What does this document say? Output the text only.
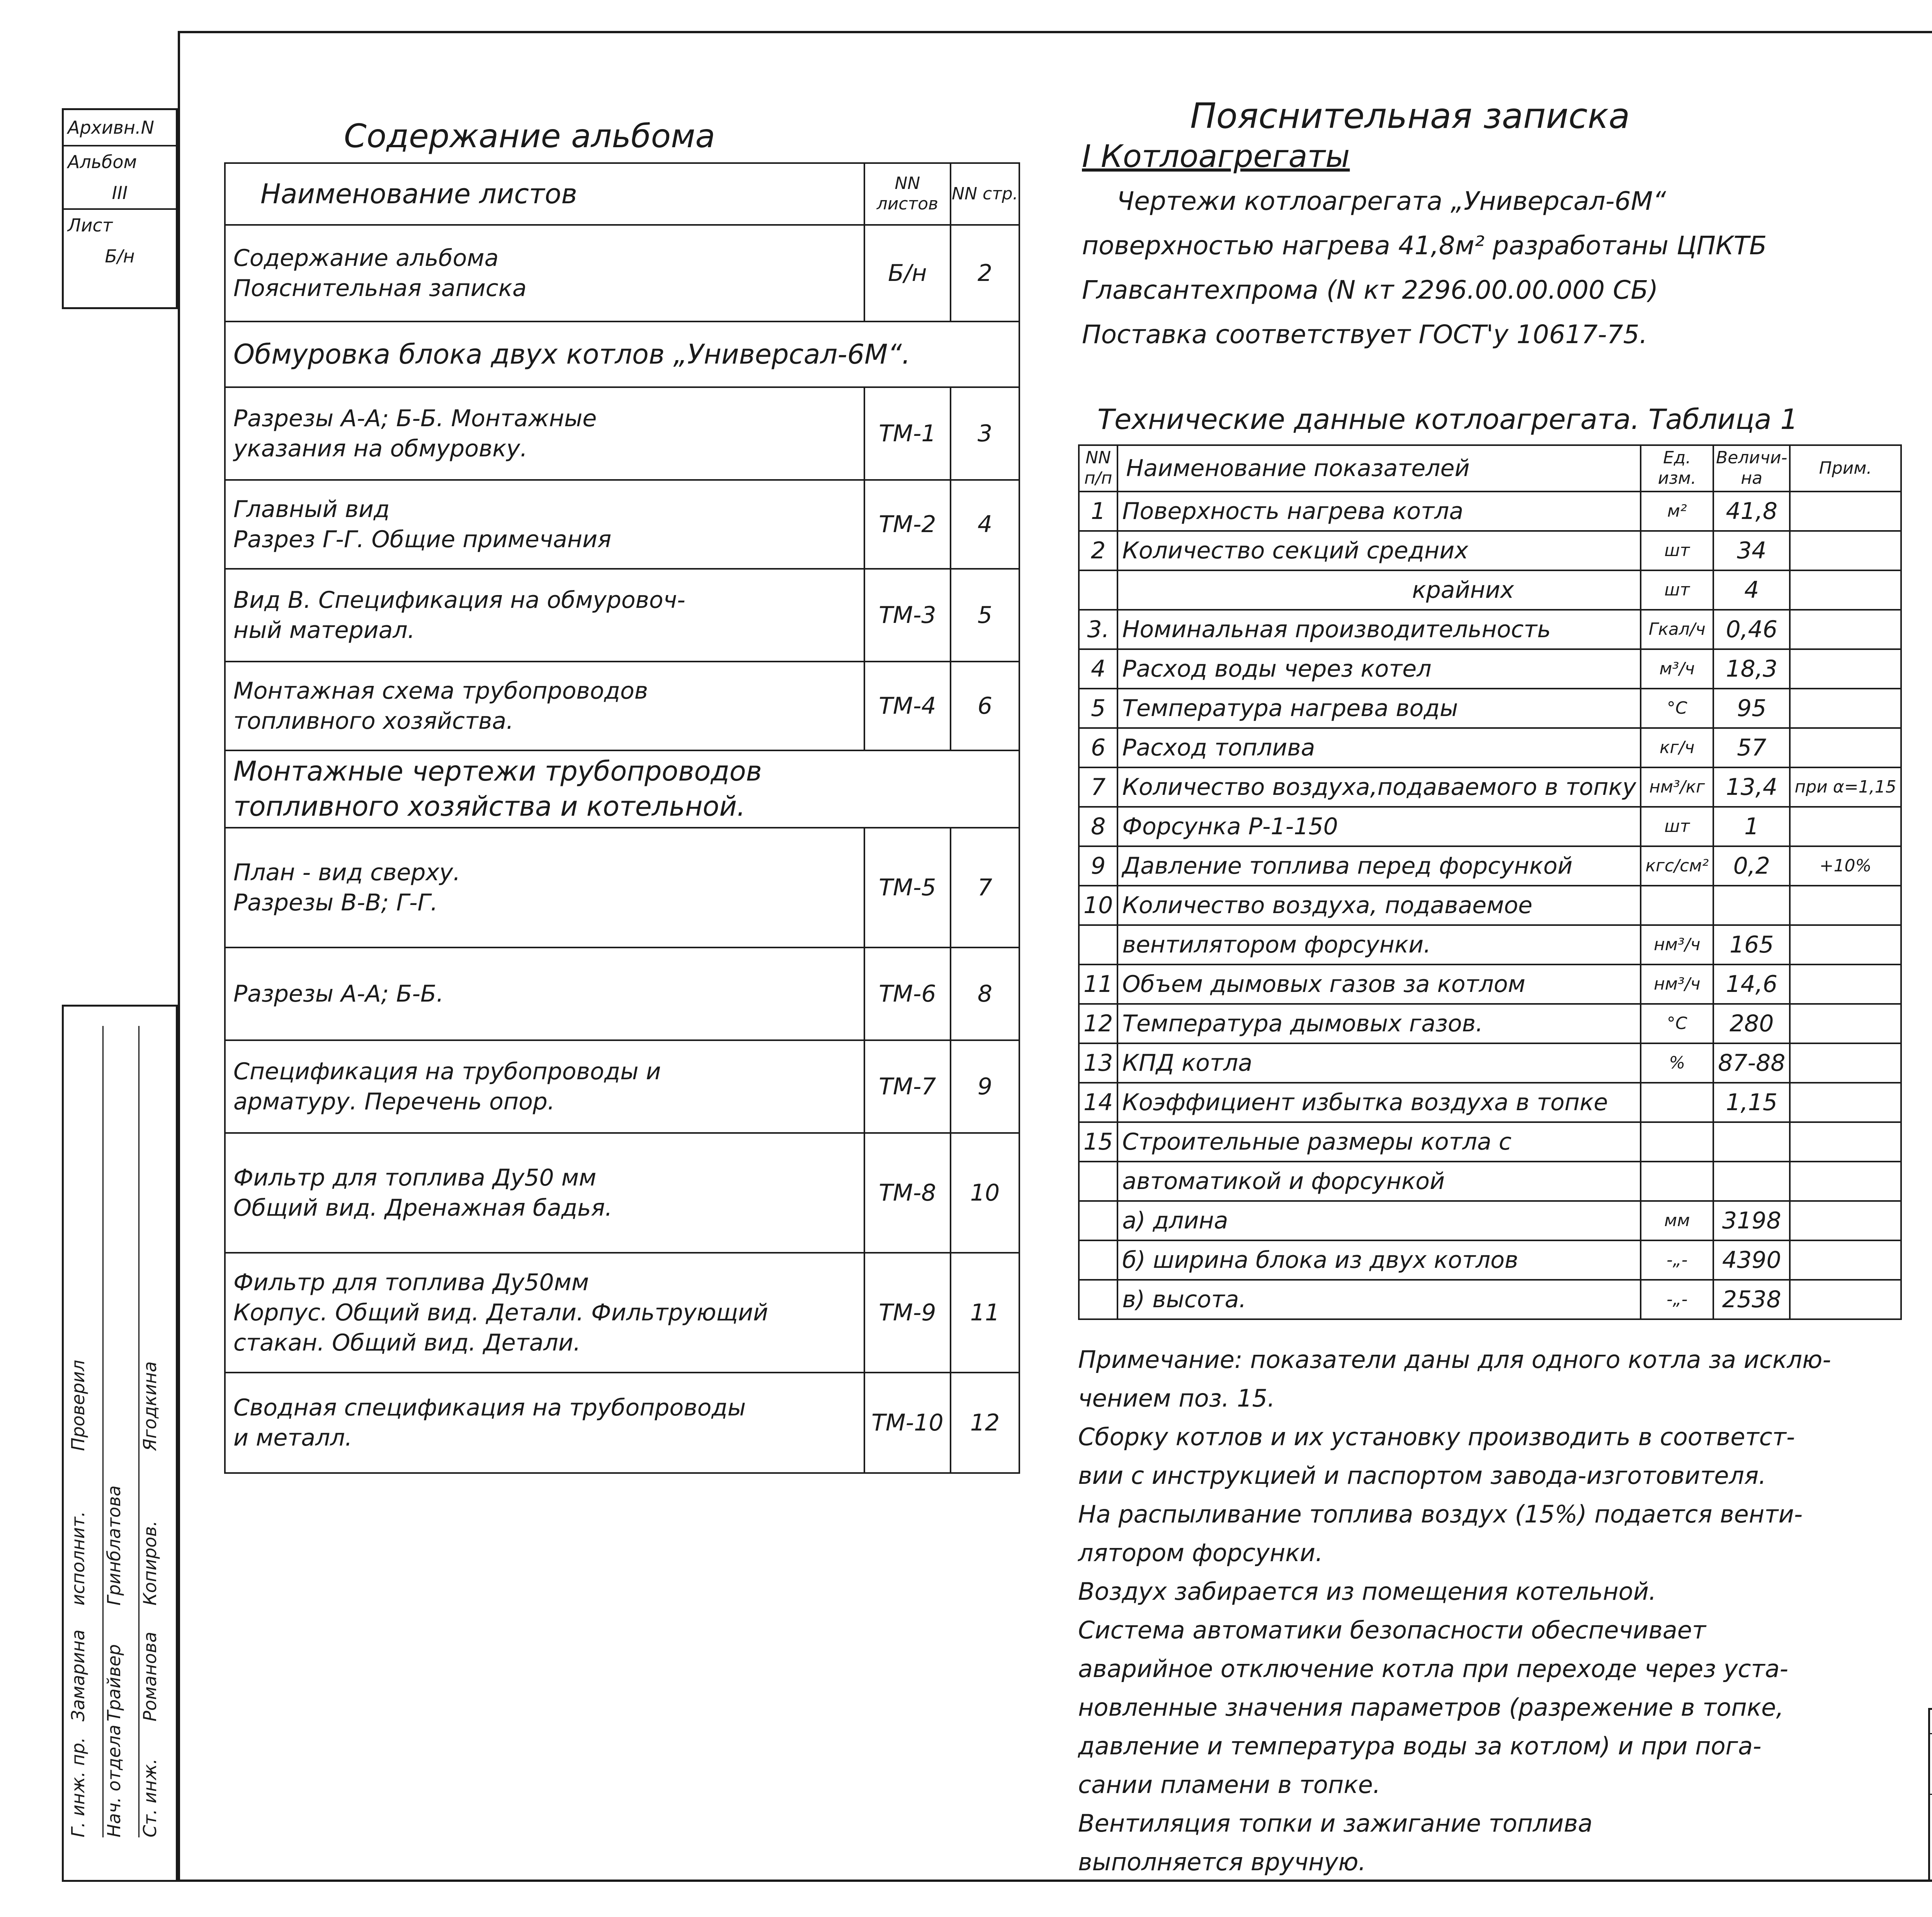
Архивн.N
Альбом
III
Лист
Б/н
Г. инж. пр.
Замарина
исполнит.
Проверил
Нач. отдела
Трайвер
Гринблатова
Ст. инж.
Романова
Копиров.
Ягодкина
Содержание альбома
Наименование листов	NN листов	NN стр.
Содержание альбома
Пояснительная записка	Б/н	2
Обмуровка блока двух котлов „Универсал-6М“.		
Разрезы А-А; Б-Б. Монтажные
указания на обмуровку.	ТМ-1	3
Главный вид
Разрез Г-Г. Общие примечания	ТМ-2	4
Вид В. Спецификация на обмуровоч-
ный материал.	ТМ-3	5
Монтажная схема трубопроводов
топливного хозяйства.	ТМ-4	6
Монтажные чертежи трубопроводов
топливного хозяйства и котельной.		
План - вид сверху.
Разрезы В-В; Г-Г.	ТМ-5	7
Разрезы А-А; Б-Б.	ТМ-6	8
Спецификация на трубопроводы и
арматуру. Перечень опор.	ТМ-7	9
Фильтр для топлива Ду50 мм
Общий вид. Дренажная бадья.	ТМ-8	10
Фильтр для топлива Ду50мм
Корпус. Общий вид. Детали. Фильтрующий
стакан. Общий вид. Детали.	ТМ-9	11
Сводная спецификация на трубопроводы
и металл.	ТМ-10	12
Пояснительная записка
I Котлоагрегаты
Чертежи котлоагрегата „Универсал-6М“
поверхностью нагрева 41,8м² разработаны ЦПКТБ
Главсантехпрома (N кт 2296.00.00.000 СБ)
Поставка соответствует ГОСТ'у 10617-75.
Технические данные котлоагрегата. Таблица 1
NN п/п	Наименование показателей	Ед. изм.	Величи-на	Прим.
1	Поверхность нагрева котла	м²	41,8	
2	Количество секций средних	шт	34	
	крайних	шт	4	
3.	Номинальная производительность	Гкал/ч	0,46	
4	Расход воды через котел	м³/ч	18,3	
5	Температура нагрева воды	°С	95	
6	Расход топлива	кг/ч	57	
7	Количество воздуха,подаваемого в топку	нм³/кг	13,4	при α=1,15
8	Форсунка Р-1-150	шт	1	
9	Давление топлива перед форсункой	кгс/см²	0,2	+10%
10	Количество воздуха, подаваемое			
	вентилятором форсунки.	нм³/ч	165	
11	Объем дымовых газов за котлом	нм³/ч	14,6	
12	Температура дымовых газов.	°С	280	
13	КПД котла	%	87-88	
14	Коэффициент избытка воздуха в топке		1,15	
15	Строительные размеры котла с			
	автоматикой и форсункой			
	а) длина	мм	3198	
	б) ширина блока из двух котлов	-„-	4390	
	в) высота.	-„-	2538	
Примечание: показатели даны для одного котла за исклю-
чением поз. 15.
Сборку котлов и их установку производить в соответст-
вии с инструкцией и паспортом завода-изготовителя.
На распыливание топлива воздух (15%) подается венти-
лятором форсунки.
Воздух забирается из помещения котельной.
Система автоматики безопасности обеспечивает
аварийное отключение котла при переходе через уста-
новленные значения параметров (разрежение в топке,
давление и температура воды за котлом) и при пога-
сании пламени в топке.
Вентиляция топки и зажигание топлива
выполняется вручную.
